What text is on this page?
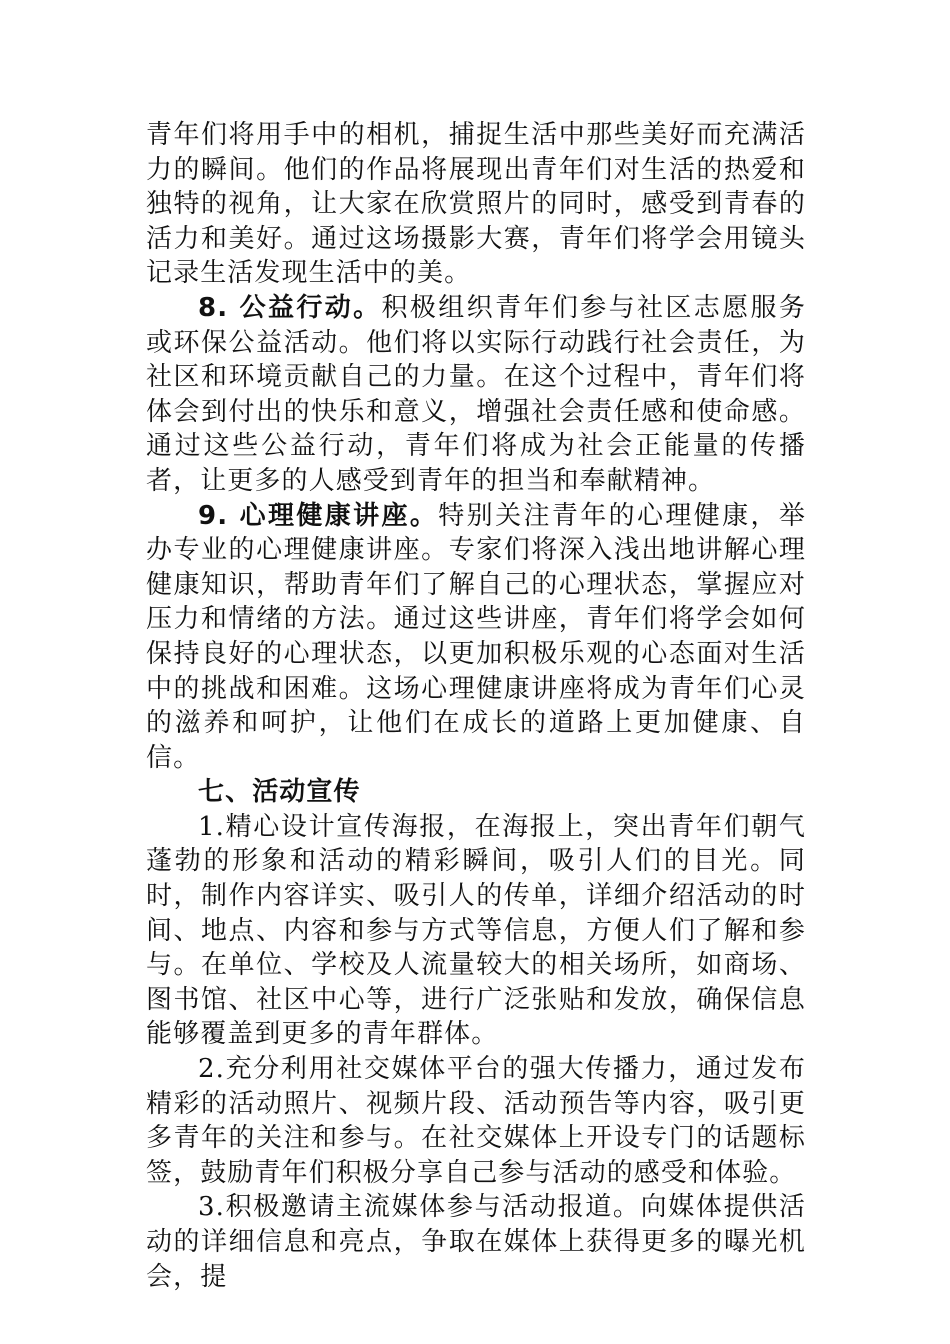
青年们将用手中的相机，捕捉生活中那些美好而充满活力的瞬间。他们的作品将展现出青年们对生活的热爱和独特的视角，让大家在欣赏照片的同时，感受到青春的活力和美好。通过这场摄影大赛，青年们将学会用镜头记录生活发现生活中的美。

8. 公益行动。积极组织青年们参与社区志愿服务或环保公益活动。他们将以实际行动践行社会责任，为社区和环境贡献自己的力量。在这个过程中，青年们将体会到付出的快乐和意义，增强社会责任感和使命感。通过这些公益行动，青年们将成为社会正能量的传播者，让更多的人感受到青年的担当和奉献精神。

9. 心理健康讲座。特别关注青年的心理健康，举办专业的心理健康讲座。专家们将深入浅出地讲解心理健康知识，帮助青年们了解自己的心理状态，掌握应对压力和情绪的方法。通过这些讲座，青年们将学会如何保持良好的心理状态，以更加积极乐观的心态面对生活中的挑战和困难。这场心理健康讲座将成为青年们心灵的滋养和呵护，让他们在成长的道路上更加健康、自信。

七、活动宣传

1.精心设计宣传海报，在海报上，突出青年们朝气蓬勃的形象和活动的精彩瞬间，吸引人们的目光。同时，制作内容详实、吸引人的传单，详细介绍活动的时间、地点、内容和参与方式等信息，方便人们了解和参与。在单位、学校及人流量较大的相关场所，如商场、图书馆、社区中心等，进行广泛张贴和发放，确保信息能够覆盖到更多的青年群体。

2.充分利用社交媒体平台的强大传播力，通过发布精彩的活动照片、视频片段、活动预告等内容，吸引更多青年的关注和参与。在社交媒体上开设专门的话题标签，鼓励青年们积极分享自己参与活动的感受和体验。

3.积极邀请主流媒体参与活动报道。向媒体提供活动的详细信息和亮点，争取在媒体上获得更多的曝光机会，提
